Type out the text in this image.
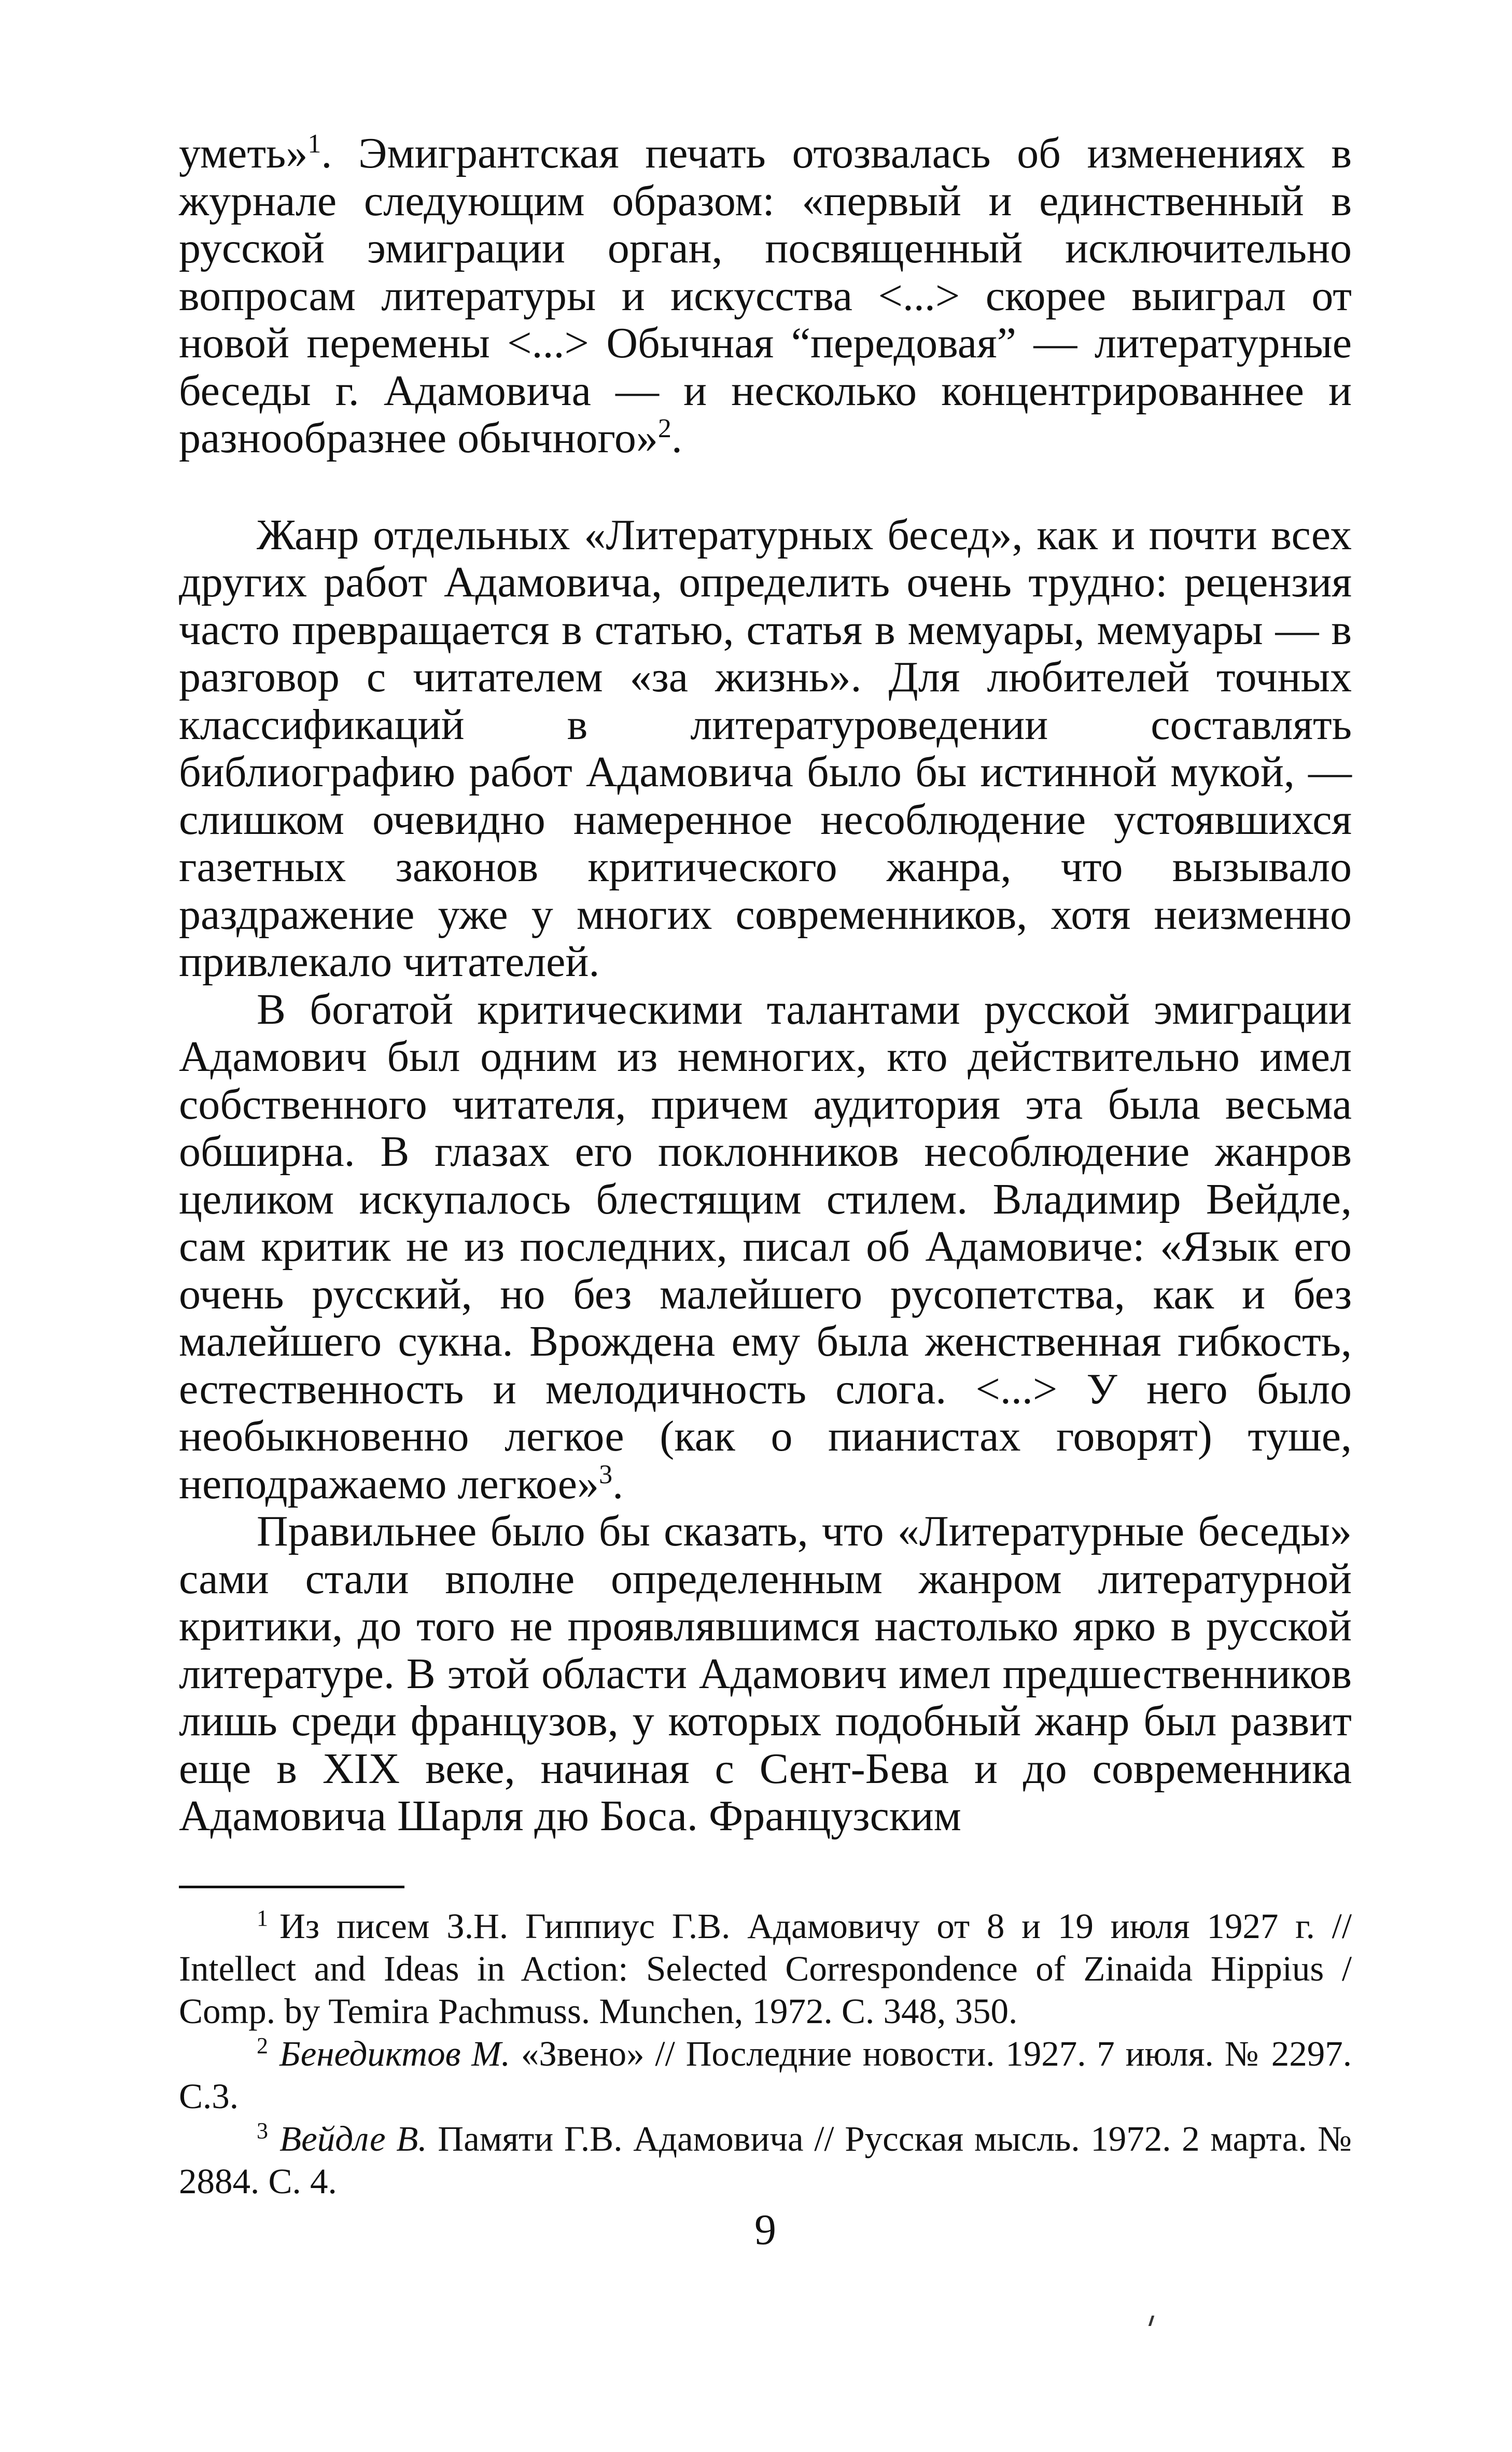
уметь»$^1$. Эмигрантская печать отозвалась об изменениях в журнале следующим образом: «первый и единственный в русской эмиграции орган, посвященный исключительно вопросам литературы и искусства <...> скорее выиграл от новой перемены <...> Обычная “передовая” — литературные беседы г. Адамовича — и несколько концентрированнее и разнообразнее обычного»$^2$.

Жанр отдельных «Литературных бесед», как и почти всех других работ Адамовича, определить очень трудно: рецензия часто превращается в статью, статья в мемуары, мемуары — в разговор с читателем «за жизнь». Для любителей точных классификаций в литературоведении составлять библиографию работ Адамовича было бы истинной мукой, — слишком очевидно намеренное несоблюдение устоявшихся газетных законов критического жанра, что вызывало раздражение уже у многих современников, хотя неизменно привлекало читателей.

В богатой критическими талантами русской эмиграции Адамович был одним из немногих, кто действительно имел собственного читателя, причем аудитория эта была весьма обширна. В глазах его поклонников несоблюдение жанров целиком искупалось блестящим стилем. Владимир Вейдле, сам критик не из последних, писал об Адамовиче: «Язык его очень русский, но без малейшего русопетства, как и без малейшего сукна. Врождена ему была женственная гибкость, естественность и мелодичность слога. <...> У него было необыкновенно легкое (как о пианистах говорят) туше, неподражаемо легкое»$^3$.

Правильнее было бы сказать, что «Литературные беседы» сами стали вполне определенным жанром литературной критики, до того не проявлявшимся настолько ярко в русской литературе. В этой области Адамович имел предшественников лишь среди французов, у которых подобный жанр был развит еще в XIX веке, начиная с Сент-Бева и до современника Адамовича Шарля дю Боса. Французским

$^1$ Из писем З.Н. Гиппиус Г.В. Адамовичу от 8 и 19 июля 1927 г. // Intellect and Ideas in Action: Selected Correspondence of Zinaida Hippius / Comp. by Temira Pachmuss. Munchen, 1972. С. 348, 350.

$^2$ Бенедиктов М. «Звено» // Последние новости. 1927. 7 июля. № 2297. С.3.

$^3$ Вейдле В. Памяти Г.В. Адамовича // Русская мысль. 1972. 2 марта. № 2884. С. 4.

9
